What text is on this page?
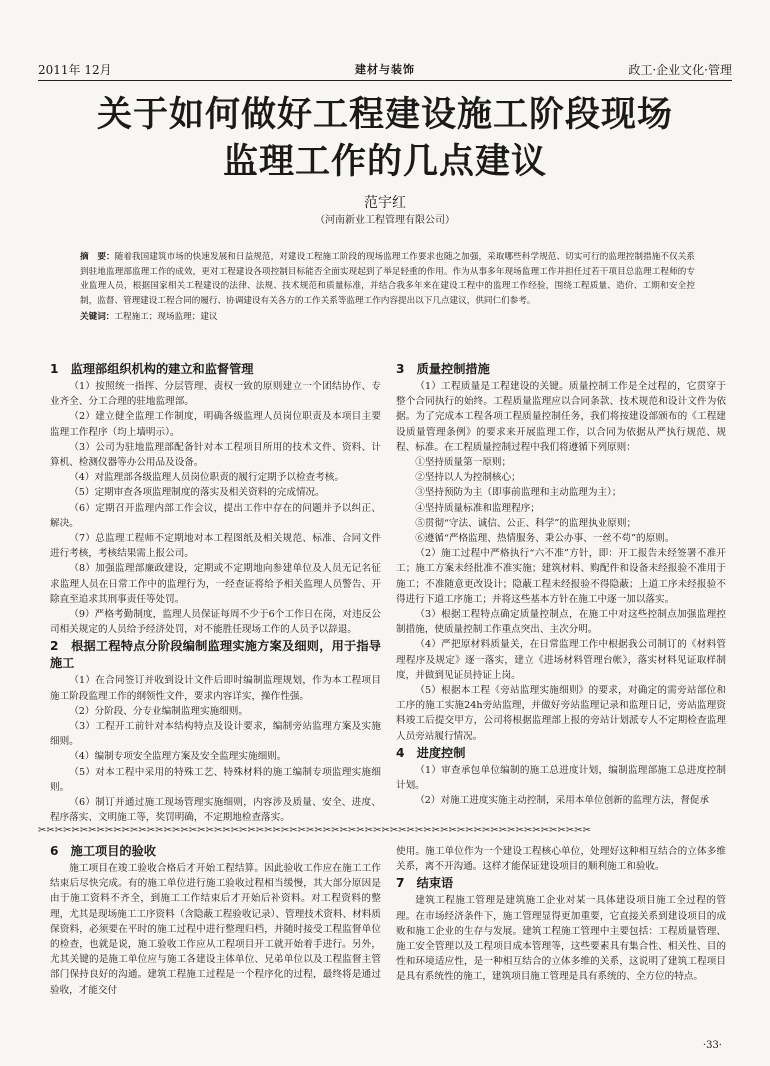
2011年 12月	建材与装饰	政工·企业文化·管理
关于如何做好工程建设施工阶段现场
监理工作的几点建议
范宇红
（河南新业工程管理有限公司）
摘　要：随着我国建筑市场的快速发展和日益规范，对建设工程施工阶段的现场监理工作要求也随之加强，采取哪些科学规范、切实可行的监理控制措施不仅关系到驻地监理部监理工作的成效，更对工程建设各项控制目标能否全面实现起到了举足轻重的作用。作为从事多年现场监理工作并担任过若干项目总监理工程师的专业监理人员，根据国家相关工程建设的法律、法规、技术规范和质量标准，并结合我多年来在建设工程中的监理工作经验，围绕工程质量、造价、工期和安全控制，监督、管理建设工程合同的履行、协调建设有关各方的工作关系等监理工作内容提出以下几点建议，供同仁们参考。
关键词：工程施工；现场监理；建议
1　监理部组织机构的建立和监督管理

（1）按照统一指挥、分层管理、责权一致的原则建立一个团结协作、专业齐全、分工合理的驻地监理部。

（2）建立健全监理工作制度，明确各级监理人员岗位职责及本项目主要监理工作程序（均上墙明示）。

（3）公司为驻地监理部配备针对本工程项目所用的技术文件、资料、计算机、检测仪器等办公用品及设备。

（4）对监理部各级监理人员岗位职责的履行定期予以检查考核。

（5）定期审查各项监理制度的落实及相关资料的完成情况。

（6）定期召开监理内部工作会议，提出工作中存在的问题并予以纠正、解决。

（7）总监理工程师不定期地对本工程图纸及相关规范、标准、合同文件进行考核，考核结果需上报公司。

（8）加强监理部廉政建设，定期或不定期地向参建单位及人员无记名征求监理人员在日常工作中的监理行为，一经查证将给予相关监理人员警告、开除直至追求其刑事责任等处罚。

（9）严格考勤制度，监理人员保证每周不少于6个工作日在岗，对违反公司相关规定的人员给予经济处罚，对不能胜任现场工作的人员予以辞退。

2　根据工程特点分阶段编制监理实施方案及细则，用于指导施工

（1）在合同签订并收到设计文件后即时编制监理规划，作为本工程项目施工阶段监理工作的纲领性文件，要求内容详实，操作性强。

（2）分阶段、分专业编制监理实施细则。

（3）工程开工前针对本结构特点及设计要求，编制旁站监理方案及实施细则。

（4）编制专项安全监理方案及安全监理实施细则。

（5）对本工程中采用的特殊工艺、特殊材料的施工编制专项监理实施细则。

（6）制订并通过施工现场管理实施细则，内容涉及质量、安全、进度、程序落实、文明施工等，奖罚明确，不定期地检查落实。

3　质量控制措施

（1）工程质量是工程建设的关键。质量控制工作是全过程的，它贯穿于整个合同执行的始终。工程质量监理应以合同条款、技术规范和设计文件为依据。为了完成本工程各项工程质量控制任务，我们将按建设部颁布的《工程建设质量管理条例》的要求来开展监理工作，以合同为依据从严执行规范、规程、标准。在工程质量控制过程中我们将遵循下列原则：

①坚持质量第一原则；

②坚持以人为控制核心；

③坚持预防为主（即事前监理和主动监理为主）；

④坚持质量标准和监理程序；

⑤贯彻“守法、诚信、公正、科学”的监理执业原则；

⑥遵循“严格监理、热情服务、秉公办事、一丝不苟”的原则。

（2）施工过程中严格执行“六不准”方针，即：开工报告未经签署不准开工；施工方案未经批准不准实施；建筑材料、购配件和设备未经报验不准用于施工；不准随意更改设计；隐蔽工程未经报验不得隐蔽；上道工序未经报验不得进行下道工序施工；并将这些基本方针在施工中逐一加以落实。

（3）根据工程特点确定质量控制点，在施工中对这些控制点加强监理控制措施，使质量控制工作重点突出、主次分明。

（4）严把原材料质量关，在日常监理工作中根据我公司制订的《材料管理程序及规定》逐一落实，建立《进场材料管理台帐》，落实材料见证取样制度，并做到见证员持证上岗。

（5）根据本工程《旁站监理实施细则》的要求，对确定的需旁站部位和工序的施工实施24h旁站监理，并做好旁站监理记录和监理日记，旁站监理资料竣工后提交甲方，公司将根据监理部上报的旁站计划派专人不定期检查监理人员旁站履行情况。

4　进度控制

（1）审查承包单位编制的施工总进度计划，编制监理部施工总进度控制计划。

（2）对施工进度实施主动控制，采用本单位创新的监理方法，督促承

✂✂✂✂✂✂✂✂✂✂✂✂✂✂✂✂✂✂✂✂✂✂✂✂✂✂✂✂✂✂✂✂✂✂✂✂✂✂✂✂✂✂✂✂✂✂✂✂✂✂✂✂✂✂✂✂✂✂✂✂✂✂✂✂✂✂
6　施工项目的验收

施工项目在竣工验收合格后才开始工程结算。因此验收工作应在施工工作结束后尽快完成。有的施工单位进行施工验收过程相当缓慢，其大部分原因是由于施工资料不齐全，到施工工作结束后才开始后补资料。对工程资料的整理，尤其是现场施工工序资料（含隐蔽工程验收记录）、管理技术资料、材料质保资料，必须要在平时的施工过程中进行整理归档，并随时接受工程监督单位的检查，也就是说，施工验收工作应从工程项目开工就开始着手进行。另外，尤其关键的是施工单位应与施工各建设主体单位、兄弟单位以及工程监督主管部门保持良好的沟通。建筑工程施工过程是一个程序化的过程，最终将是通过验收，才能交付

使用。施工单位作为一个建设工程核心单位，处理好这种相互结合的立体多维关系，离不开沟通。这样才能保证建设项目的顺利施工和验收。

7　结束语

建筑工程施工管理是建筑施工企业对某一具体建设项目施工全过程的管理。在市场经济条件下，施工管理显得更加重要，它直接关系到建设项目的成败和施工企业的生存与发展。建筑工程施工管理中主要包括：工程质量管理、施工安全管理以及工程项目成本管理等，这些要素具有集合性、相关性、目的性和环境适应性，是一种相互结合的立体多维的关系，这说明了建筑工程项目是具有系统性的施工，建筑项目施工管理是具有系统的、全方位的特点。

·33·
